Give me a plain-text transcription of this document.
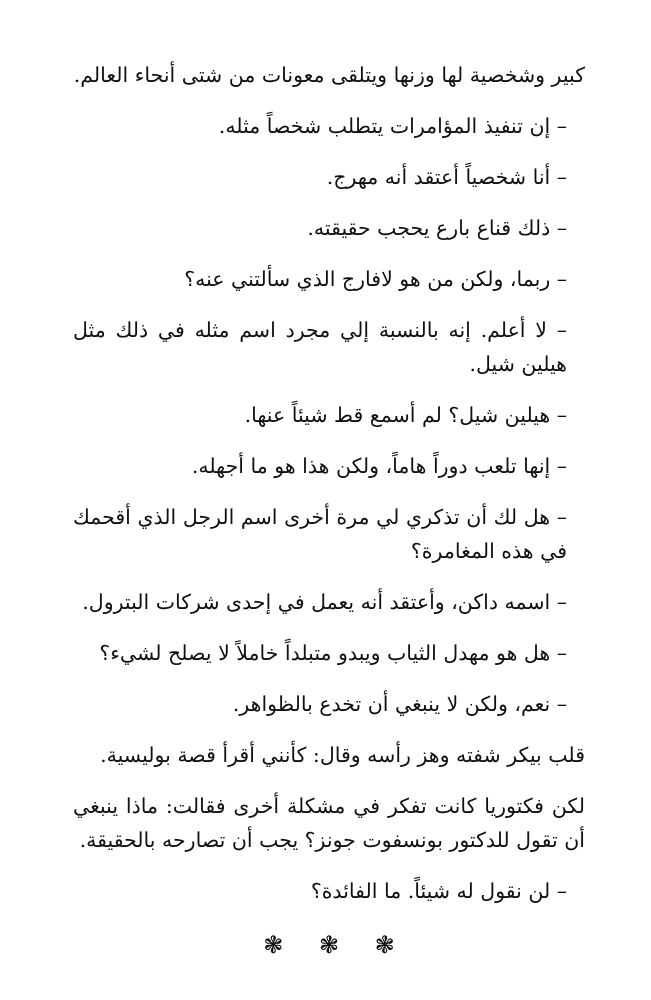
كبير وشخصية لها وزنها ويتلقى معونات من شتى أنحاء العالم.

– إن تنفيذ المؤامرات يتطلب شخصاً مثله.

– أنا شخصياً أعتقد أنه مهرج.

– ذلك قناع بارع يحجب حقيقته.

– ربما، ولكن من هو لافارج الذي سألتني عنه؟

– لا أعلم. إنه بالنسبة إلي مجرد اسم مثله في ذلك مثل هيلين شيل.

– هيلين شيل؟ لم أسمع قط شيئاً عنها.

– إنها تلعب دوراً هاماً، ولكن هذا هو ما أجهله.

– هل لك أن تذكري لي مرة أخرى اسم الرجل الذي أقحمك في هذه المغامرة؟

– اسمه داكن، وأعتقد أنه يعمل في إحدى شركات البترول.

– هل هو مهدل الثياب ويبدو متبلداً خاملاً لا يصلح لشيء؟

– نعم، ولكن لا ينبغي أن تخدع بالظواهر.

قلب بيكر شفته وهز رأسه وقال: كأنني أقرأ قصة بوليسية.

لكن فكتوريا كانت تفكر في مشكلة أخرى فقالت: ماذا ينبغي أن تقول للدكتور بونسفوت جونز؟ يجب أن تصارحه بالحقيقة.

– لن نقول له شيئاً. ما الفائدة؟

❃ ❃ ❃
